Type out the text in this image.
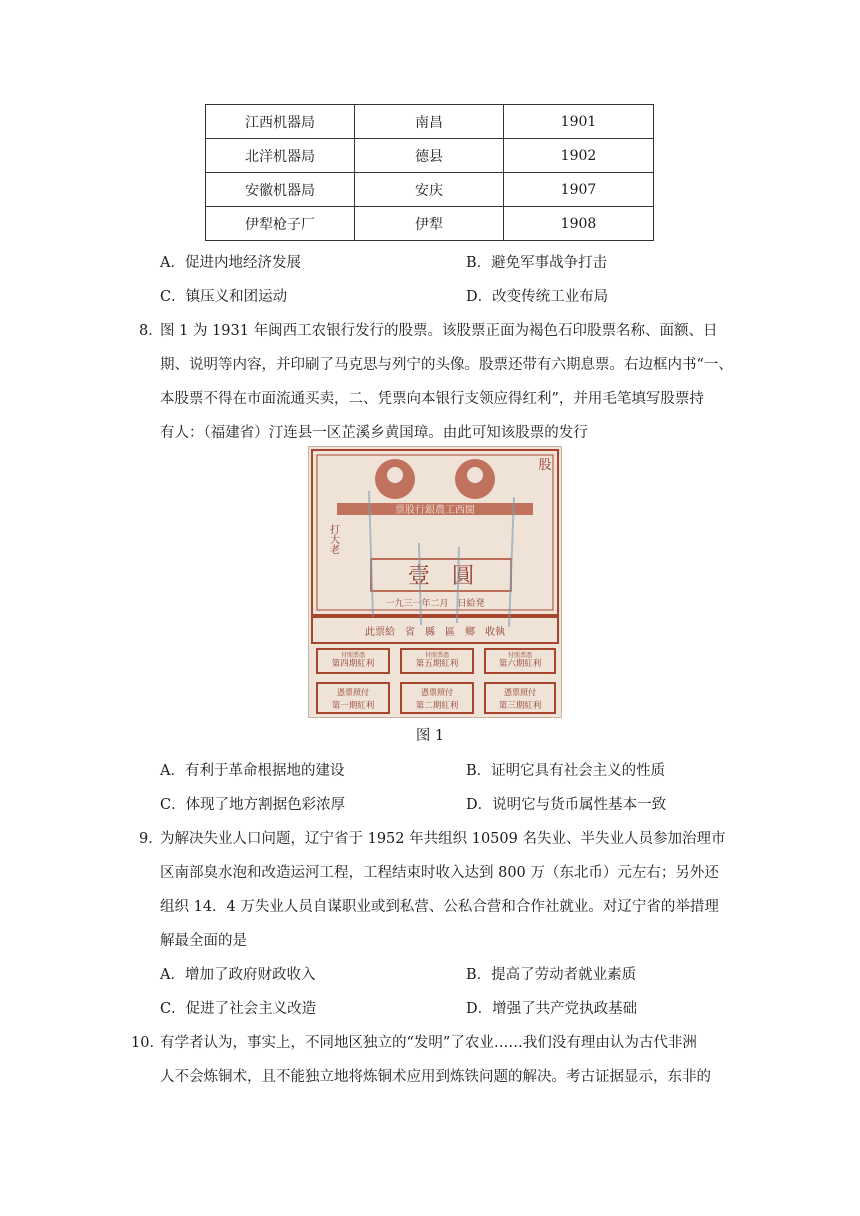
江西机器局	南昌	1901
北洋机器局	德县	1902
安徽机器局	安庆	1907
伊犁枪子厂	伊犁	1908
A．促进内地经济发展	B．避免军事战争打击
C．镇压义和团运动	D．改变传统工业布局
8．
图 1 为 1931 年闽西工农银行发行的股票。该股票正面为褐色石印股票名称、面额、日
期、说明等内容，并印刷了马克思与列宁的头像。股票还带有六期息票。右边框内书“一、
本股票不得在市面流通买卖，二、凭票向本银行支领应得红利”，并用毛笔填写股票持
有人：（福建省）汀连县一区芷溪乡黄国璋。由此可知该股票的发行
股
票股行銀農工西閩
打大老
壹　圓
一九三一年二月　日給発
此票給　省　縣　區　鄉　收執
第四期紅利	第五期紅利	第六期紅利
憑票照付	憑票照付	憑票照付
第一期紅利	第二期紅利	第三期紅利
付照票憑	付照票憑	付照票憑
图 1
A．有利于革命根据地的建设	B．证明它具有社会主义的性质
C．体现了地方割据色彩浓厚	D．说明它与货币属性基本一致
9．
为解决失业人口问题，辽宁省于 1952 年共组织 10509 名失业、半失业人员参加治理市
区南部臭水泡和改造运河工程，工程结束时收入达到 800 万（东北币）元左右；另外还
组织 14．4 万失业人员自谋职业或到私营、公私合营和合作社就业。对辽宁省的举措理
解最全面的是
A．增加了政府财政收入	B．提高了劳动者就业素质
C．促进了社会主义改造	D．增强了共产党执政基础
10．
有学者认为，事实上，不同地区独立的“发明”了农业……我们没有理由认为古代非洲
人不会炼铜术，且不能独立地将炼铜术应用到炼铁问题的解决。考古证据显示，东非的
